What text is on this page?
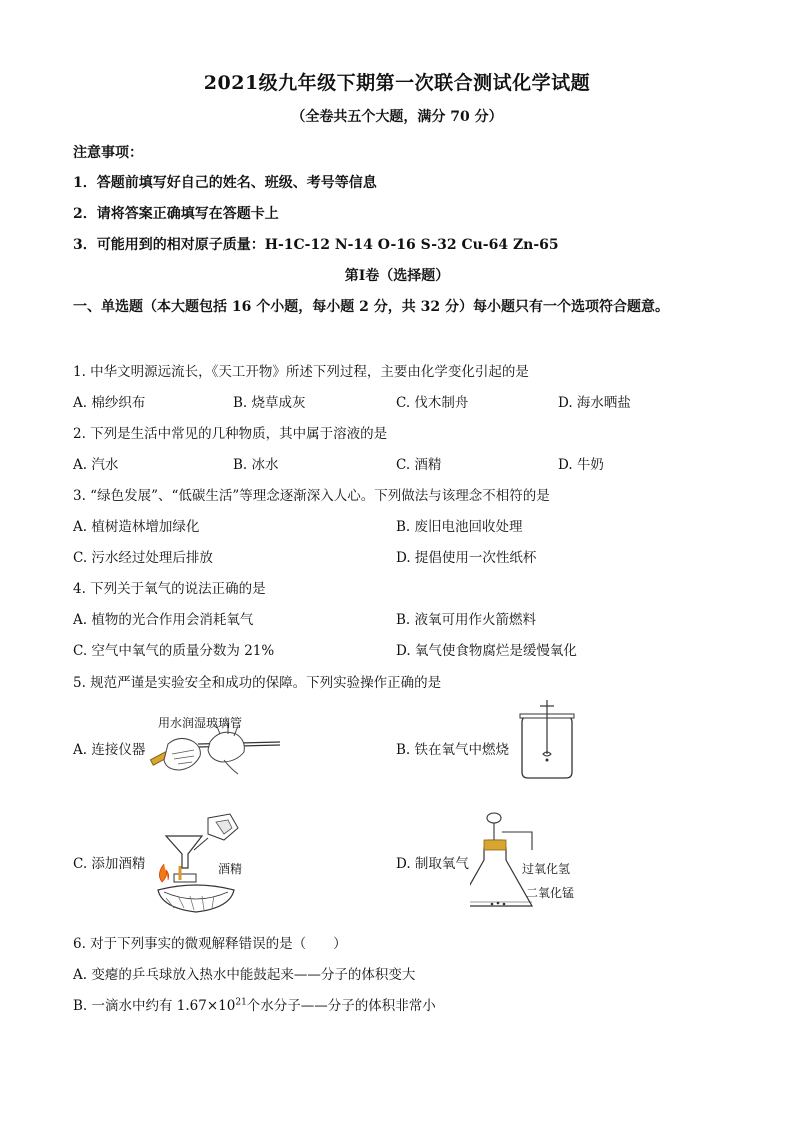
2021级九年级下期第一次联合测试化学试题
（全卷共五个大题，满分 70 分）
注意事项：
1．答题前填写好自己的姓名、班级、考号等信息
2．请将答案正确填写在答题卡上
3．可能用到的相对原子质量：H-1C-12 N-14 O-16 S-32 Cu-64 Zn-65
第Ⅰ卷（选择题）
一、单选题（本大题包括 16 个小题，每小题 2 分，共 32 分）每小题只有一个选项符合题意。
1. 中华文明源远流长，《天工开物》所述下列过程，主要由化学变化引起的是
A. 棉纱织布	B. 烧草成灰	C. 伐木制舟	D. 海水晒盐
2. 下列是生活中常见的几种物质，其中属于溶液的是
A. 汽水	B. 冰水	C. 酒精	D. 牛奶
3. “绿色发展”、“低碳生活”等理念逐渐深入人心。下列做法与该理念不相符的是
A. 植树造林增加绿化	B. 废旧电池回收处理
C. 污水经过处理后排放	D. 提倡使用一次性纸杯
4. 下列关于氧气的说法正确的是
A. 植物的光合作用会消耗氧气	B. 液氧可用作火箭燃料
C. 空气中氧气的质量分数为 21%	D. 氧气使食物腐烂是缓慢氧化
5. 规范严谨是实验安全和成功的保障。下列实验操作正确的是
A. 连接仪器
用水润湿玻璃管
B. 铁在氧气中燃烧
C. 添加酒精	酒精	D. 制取氧气	过氧化氢
二氧化锰
6. 对于下列事实的微观解释错误的是（　　）
A. 变瘪的乒乓球放入热水中能鼓起来——分子的体积变大
B. 一滴水中约有 $1.67\times 10^{21}$个水分子——分子的体积非常小
